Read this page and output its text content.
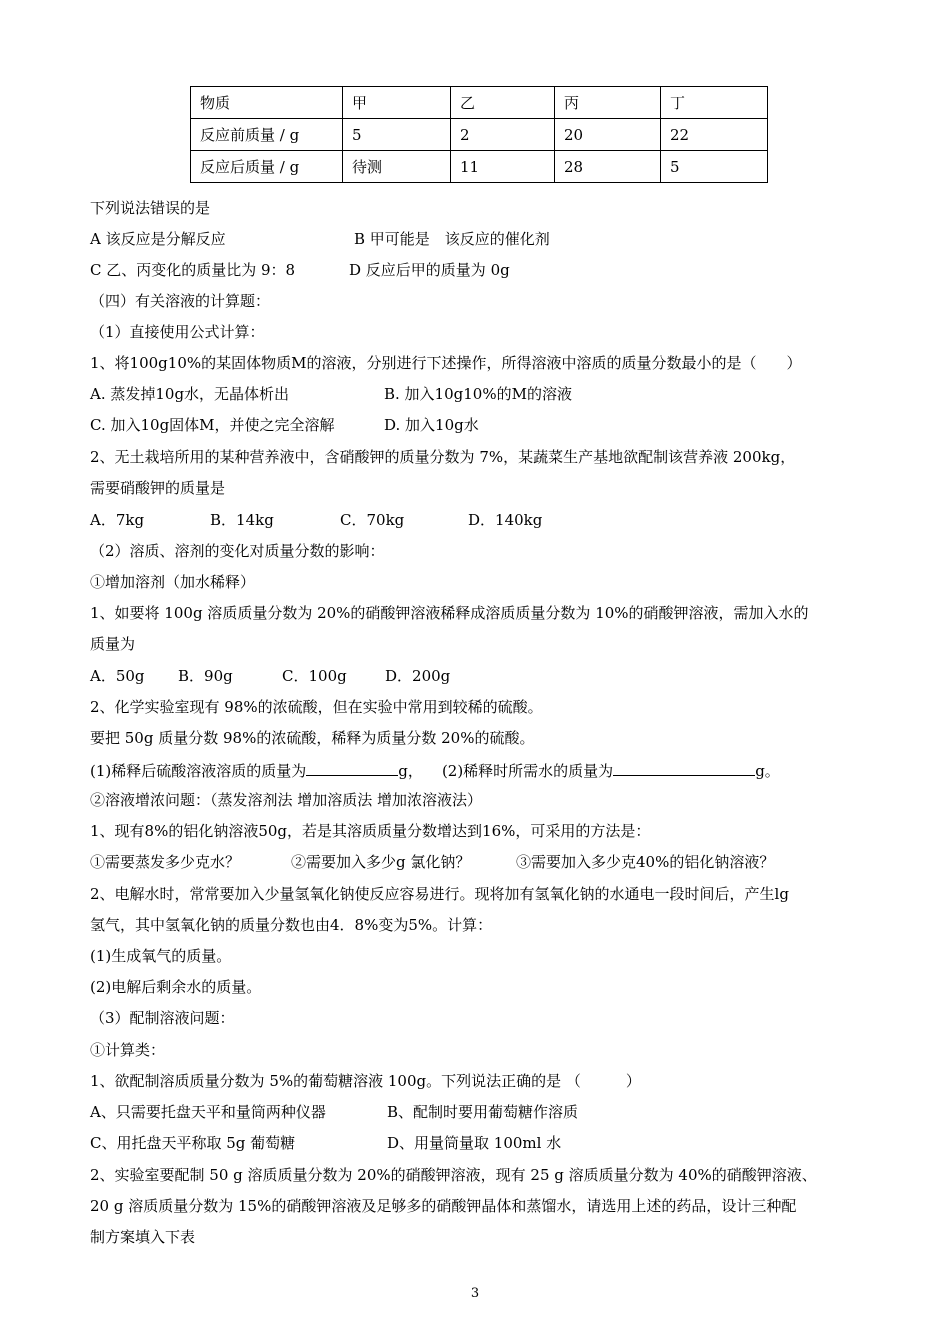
物质	甲	乙	丙	丁
反应前质量 / g	5	2	20	22
反应后质量 / g	待测	11	28	5
下列说法错误的是
A 该反应是分解反应	B 甲可能是　该反应的催化剂
C 乙、丙变化的质量比为 9：8	D 反应后甲的质量为 0g
（四）有关溶液的计算题：
（1）直接使用公式计算：
1、将100g10%的某固体物质M的溶液，分别进行下述操作，所得溶液中溶质的质量分数最小的是（　　）
A. 蒸发掉10g水，无晶体析出	B. 加入10g10%的M的溶液
C. 加入10g固体M，并使之完全溶解	D. 加入10g水
2、无土栽培所用的某种营养液中，含硝酸钾的质量分数为 7%，某蔬菜生产基地欲配制该营养液 200kg，
需要硝酸钾的质量是
A．7kg	B．14kg	C．70kg	D．140kg
（2）溶质、溶剂的变化对质量分数的影响：
①增加溶剂（加水稀释）
1、如要将 100g 溶质质量分数为 20%的硝酸钾溶液稀释成溶质质量分数为 10%的硝酸钾溶液，需加入水的
质量为
A．50g B．90g	C．100g	D．200g
2、化学实验室现有 98%的浓硫酸，但在实验中常用到较稀的硫酸。
要把 50g 质量分数 98%的浓硫酸，稀释为质量分数 20%的硫酸。
(1)稀释后硫酸溶液溶质的质量为	g， (2)稀释时所需水的质量为	g。
②溶液增浓问题：（蒸发溶剂法 增加溶质法 增加浓溶液法）
1、现有8%的铝化钠溶液50g，若是其溶质质量分数增达到16%，可采用的方法是：
①需要蒸发多少克水？	②需要加入多少g 氯化钠？	③需要加入多少克40%的铝化钠溶液？
2、电解水时，常常要加入少量氢氧化钠使反应容易进行。现将加有氢氧化钠的水通电一段时间后，产生lg
氢气，其中氢氧化钠的质量分数也由4．8%变为5%。计算：
(1)生成氧气的质量。
(2)电解后剩余水的质量。
（3）配制溶液问题：
①计算类：
1、欲配制溶质质量分数为 5%的葡萄糖溶液 100g。下列说法正确的是 （　　　）
A、只需要托盘天平和量筒两种仪器	B、配制时要用葡萄糖作溶质
C、用托盘天平称取 5g 葡萄糖	D、用量筒量取 100ml 水
2、实验室要配制 50 g 溶质质量分数为 20%的硝酸钾溶液，现有 25 g 溶质质量分数为 40%的硝酸钾溶液、
20 g 溶质质量分数为 15%的硝酸钾溶液及足够多的硝酸钾晶体和蒸馏水，请选用上述的药品，设计三种配
制方案填入下表
3
